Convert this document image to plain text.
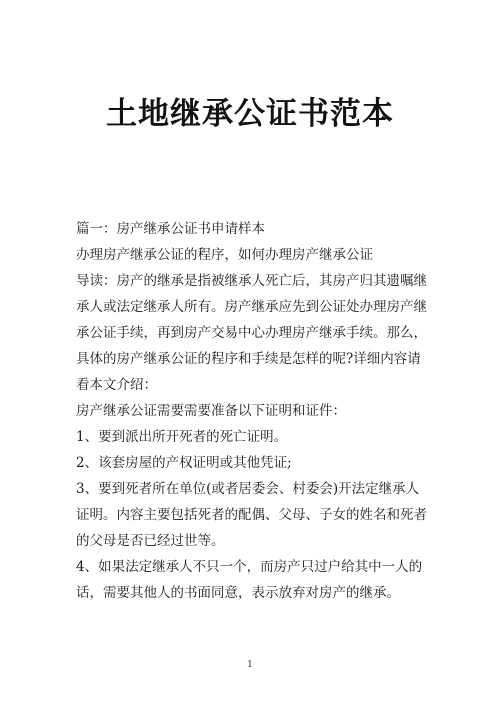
土地继承公证书范本

篇一：房产继承公证书申请样本

办理房产继承公证的程序，如何办理房产继承公证

导读：房产的继承是指被继承人死亡后，其房产归其遗嘱继承人或法定继承人所有。房产继承应先到公证处办理房产继承公证手续，再到房产交易中心办理房产继承手续。那么，

具体的房产继承公证的程序和手续是怎样的呢?详细内容请看本文介绍：

房产继承公证需要需要准备以下证明和证件：

1、要到派出所开死者的死亡证明。

2、该套房屋的产权证明或其他凭证;

3、要到死者所在单位(或者居委会、村委会)开法定继承人证明。内容主要包括死者的配偶、父母、子女的姓名和死者的父母是否已经过世等。

4、如果法定继承人不只一个，而房产只过户给其中一人的话，需要其他人的书面同意，表示放弃对房产的继承。

1
